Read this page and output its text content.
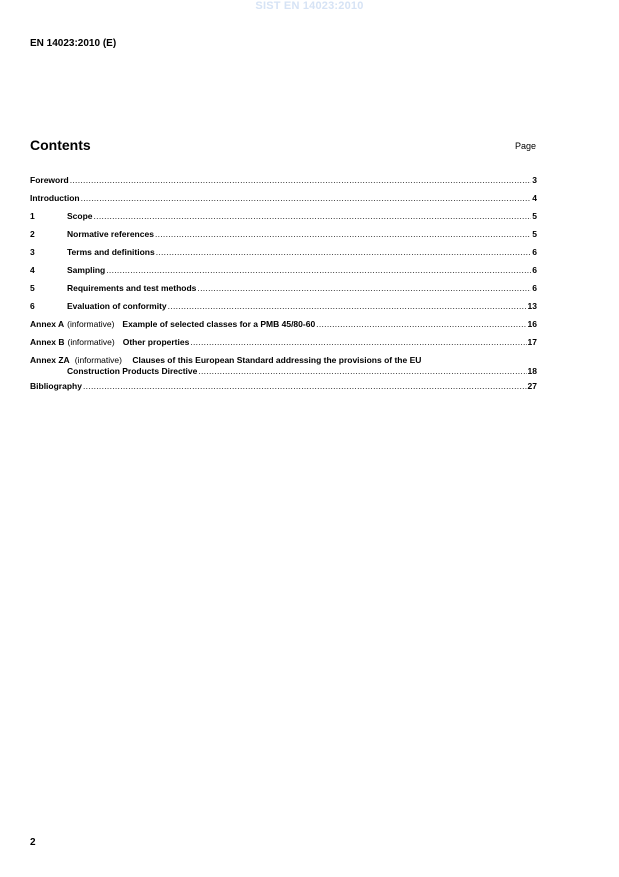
SIST EN 14023:2010
EN 14023:2010 (E)
Contents	Page
Foreword .....	3
Introduction .....	4
1	Scope .....	5
2	Normative references .....	5
3	Terms and definitions .....	6
4	Sampling .....	6
5	Requirements and test methods .....	6
6	Evaluation of conformity .....	13
Annex A (informative) Example of selected classes for a PMB 45/80-60 .....	16
Annex B (informative) Other properties .....	17
Annex ZA (informative) Clauses of this European Standard addressing the provisions of the EU
Construction Products Directive .....	18
Bibliography .....	27
2
